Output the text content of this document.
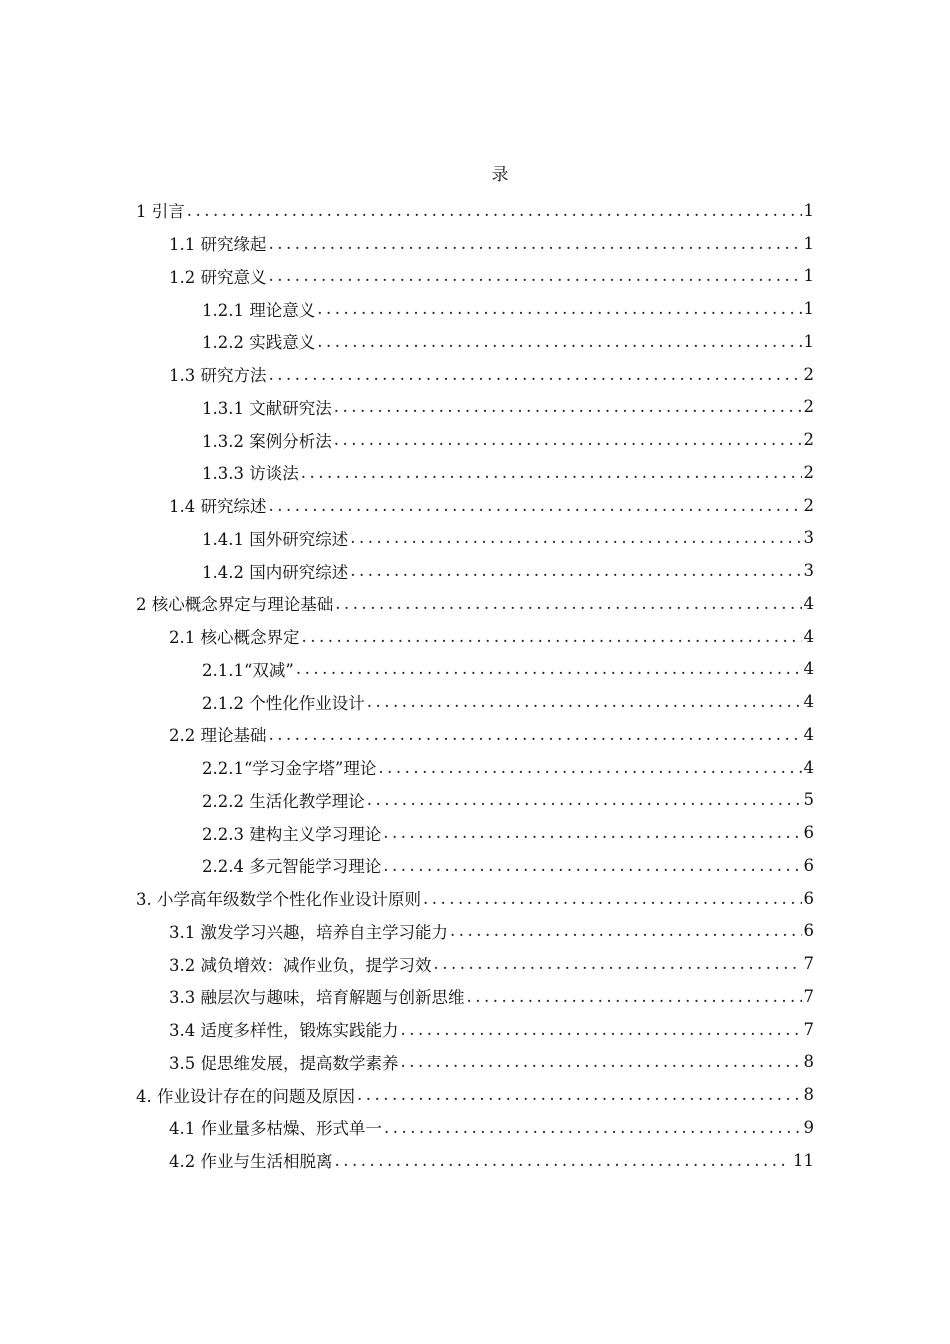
录
1 引言 .....	1
1.1 研究缘起 .....	1
1.2 研究意义 .....	1
1.2.1 理论意义 .....	1
1.2.2 实践意义 .....	1
1.3 研究方法 .....	2
1.3.1 文献研究法 .....	2
1.3.2 案例分析法 .....	2
1.3.3 访谈法 .....	2
1.4 研究综述 .....	2
1.4.1 国外研究综述 .....	3
1.4.2 国内研究综述 .....	3
2 核心概念界定与理论基础 .....	4
2.1 核心概念界定 .....	4
2.1.1“双减” .....	4
2.1.2 个性化作业设计 .....	4
2.2 理论基础 .....	4
2.2.1“学习金字塔”理论 .....	4
2.2.2 生活化教学理论 .....	5
2.2.3 建构主义学习理论 .....	6
2.2.4 多元智能学习理论 .....	6
3. 小学高年级数学个性化作业设计原则 .....	6
3.1 激发学习兴趣，培养自主学习能力 .....	6
3.2 减负增效：减作业负，提学习效 .....	7
3.3 融层次与趣味，培育解题与创新思维 .....	7
3.4 适度多样性，锻炼实践能力 .....	7
3.5 促思维发展，提高数学素养 .....	8
4. 作业设计存在的问题及原因 .....	8
4.1 作业量多枯燥、形式单一 .....	9
4.2 作业与生活相脱离 .....	11
